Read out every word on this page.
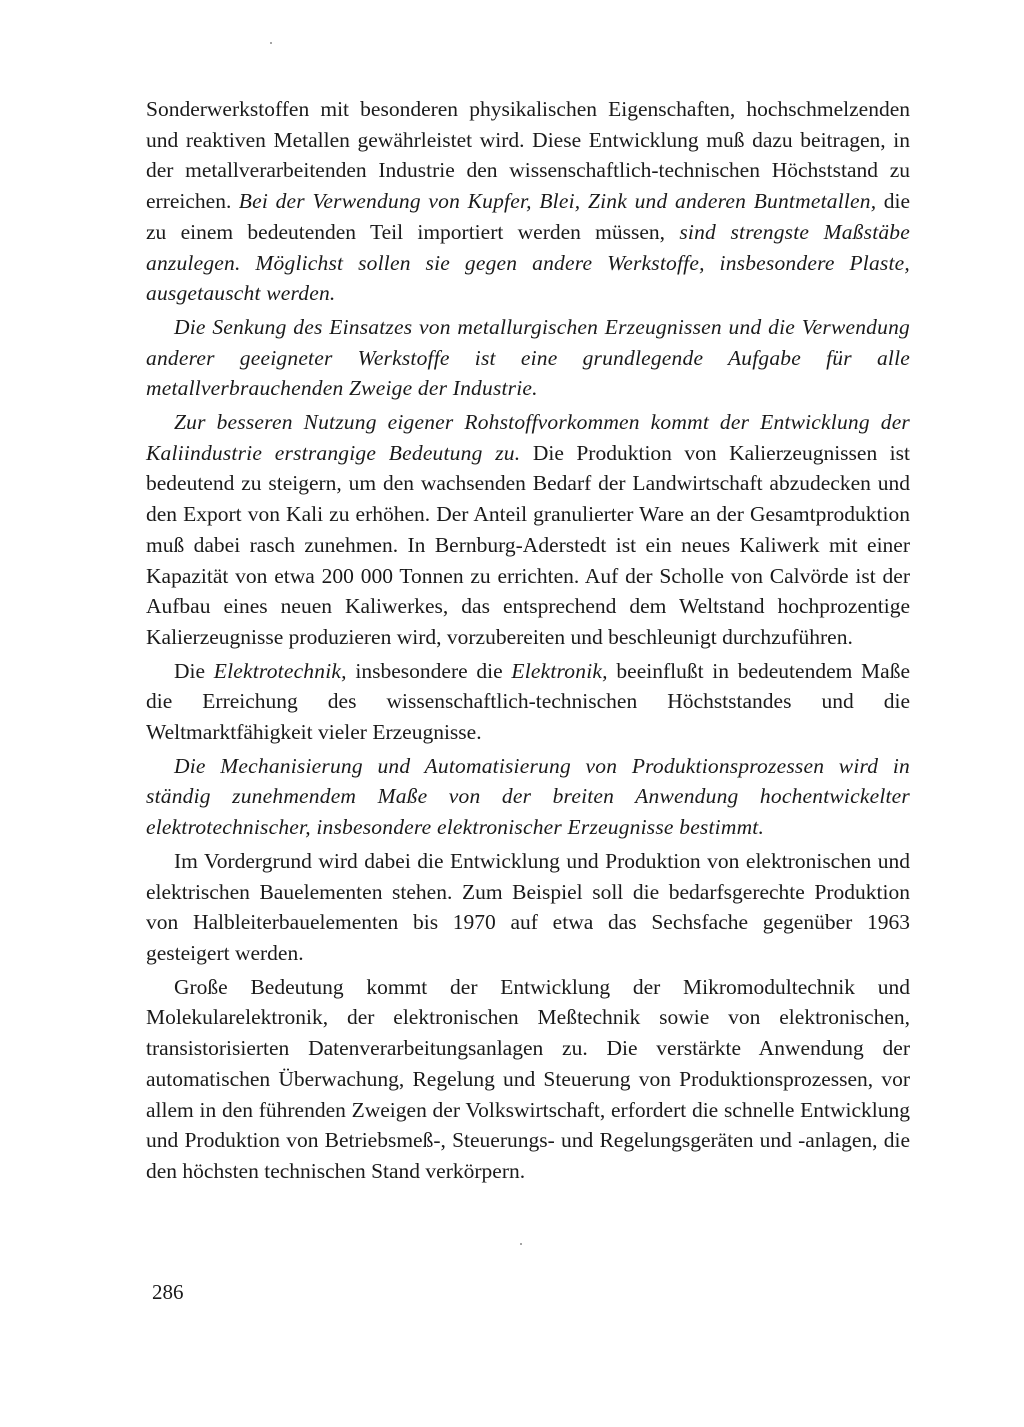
Sonderwerkstoffen mit besonderen physikalischen Eigenschaften, hochschmelzenden und reaktiven Metallen gewährleistet wird. Diese Entwicklung muß dazu beitragen, in der metallverarbeitenden Industrie den wissenschaftlich-technischen Höchststand zu erreichen. Bei der Verwendung von Kupfer, Blei, Zink und anderen Buntmetallen, die zu einem bedeutenden Teil importiert werden müssen, sind strengste Maßstäbe anzulegen. Möglichst sollen sie gegen andere Werkstoffe, insbesondere Plaste, ausgetauscht werden.

Die Senkung des Einsatzes von metallurgischen Erzeugnissen und die Verwendung anderer geeigneter Werkstoffe ist eine grundlegende Aufgabe für alle metallverbrauchenden Zweige der Industrie.

Zur besseren Nutzung eigener Rohstoffvorkommen kommt der Entwicklung der Kaliindustrie erstrangige Bedeutung zu. Die Produktion von Kalierzeugnissen ist bedeutend zu steigern, um den wachsenden Bedarf der Landwirtschaft abzudecken und den Export von Kali zu erhöhen. Der Anteil granulierter Ware an der Gesamtproduktion muß dabei rasch zunehmen. In Bernburg-Aderstedt ist ein neues Kaliwerk mit einer Kapazität von etwa 200 000 Tonnen zu errichten. Auf der Scholle von Calvörde ist der Aufbau eines neuen Kaliwerkes, das entsprechend dem Weltstand hochprozentige Kalierzeugnisse produzieren wird, vorzubereiten und beschleunigt durchzuführen.

Die Elektrotechnik, insbesondere die Elektronik, beeinflußt in bedeutendem Maße die Erreichung des wissenschaftlich-technischen Höchststandes und die Weltmarktfähigkeit vieler Erzeugnisse.

Die Mechanisierung und Automatisierung von Produktionsprozessen wird in ständig zunehmendem Maße von der breiten Anwendung hochentwickelter elektrotechnischer, insbesondere elektronischer Erzeugnisse bestimmt.

Im Vordergrund wird dabei die Entwicklung und Produktion von elektronischen und elektrischen Bauelementen stehen. Zum Beispiel soll die bedarfsgerechte Produktion von Halbleiterbauelementen bis 1970 auf etwa das Sechsfache gegenüber 1963 gesteigert werden.

Große Bedeutung kommt der Entwicklung der Mikromodultechnik und Molekularelektronik, der elektronischen Meßtechnik sowie von elektronischen, transistorisierten Datenverarbeitungsanlagen zu. Die verstärkte Anwendung der automatischen Überwachung, Regelung und Steuerung von Produktionsprozessen, vor allem in den führenden Zweigen der Volkswirtschaft, erfordert die schnelle Entwicklung und Produktion von Betriebsmeß-, Steuerungs- und Regelungsgeräten und -anlagen, die den höchsten technischen Stand verkörpern.

286
